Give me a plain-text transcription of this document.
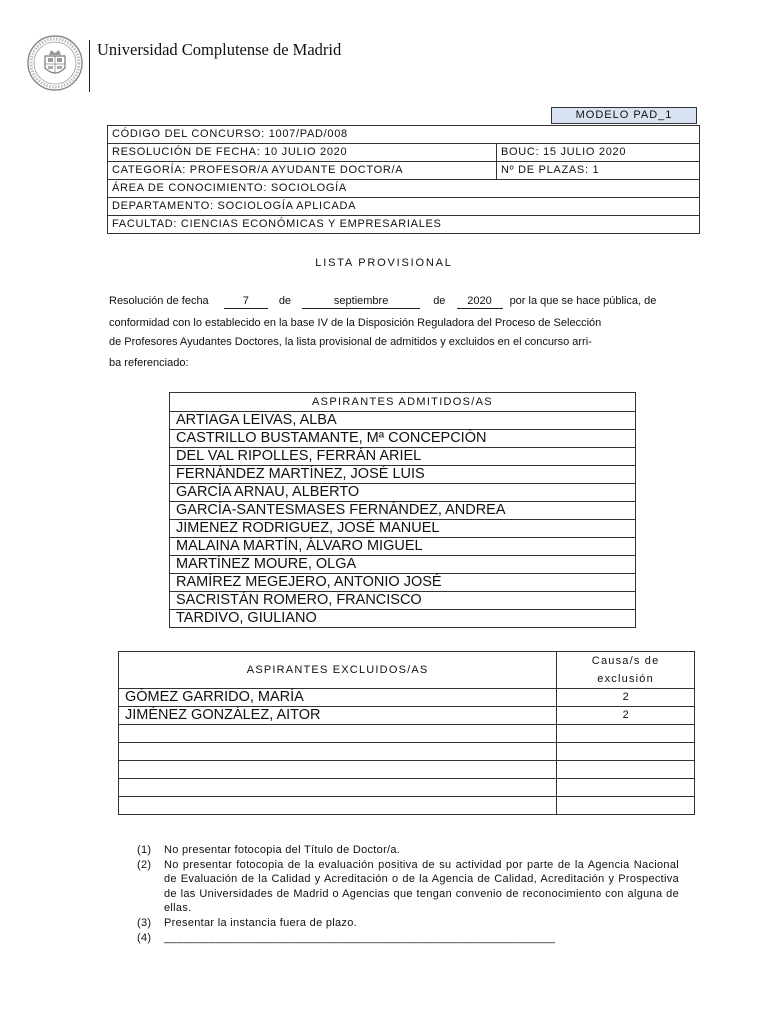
Universidad Complutense de Madrid
MODELO PAD_1
CÓDIGO DEL CONCURSO: 1007/PAD/008	
RESOLUCIÓN DE FECHA: 10 JULIO 2020	BOUC: 15 JULIO 2020
CATEGORÍA: PROFESOR/A AYUDANTE DOCTOR/A	Nº DE PLAZAS: 1
ÁREA DE CONOCIMIENTO: SOCIOLOGÍA	
DEPARTAMENTO: SOCIOLOGÍA APLICADA	
FACULTAD: CIENCIAS ECONÓMICAS Y EMPRESARIALES	
LISTA PROVISIONAL
Resolución de fecha	7	de	septiembre	de 2020 por la que se hace pública, de
conformidad con lo establecido en la base IV de la Disposición Reguladora del Proceso de Selección
de Profesores Ayudantes Doctores, la lista provisional de admitidos y excluidos en el concurso arri-
ba referenciado:
ASPIRANTES ADMITIDOS/AS
ARTIAGA LEIVAS, ALBA
CASTRILLO BUSTAMANTE, Mª CONCEPCIÓN
DEL VAL RIPOLLES, FERRÁN ARIEL
FERNÁNDEZ MARTÍNEZ, JOSÉ LUIS
GARCÍA ARNAU, ALBERTO
GARCÍA-SANTESMASES FERNÁNDEZ, ANDREA
JIMENEZ RODRIGUEZ, JOSÉ MANUEL
MALAINA MARTÍN, ÁLVARO MIGUEL
MARTÍNEZ MOURE, OLGA
RAMÍREZ MEGEJERO, ANTONIO JOSÉ
SACRISTÁN ROMERO, FRANCISCO
TARDIVO, GIULIANO
ASPIRANTES EXCLUIDOS/AS	Causa/s de
exclusión
GÓMEZ GARRIDO, MARÍA	2
JIMÉNEZ GONZÁLEZ, AITOR	2

(1)	No presentar fotocopia del Título de Doctor/a.
(2)	No presentar fotocopia de la evaluación positiva de su actividad por parte de la Agencia Nacional de Evaluación de la Calidad y Acreditación o de la Agencia de Calidad, Acreditación y Prospectiva de las Universidades de Madrid o Agencias que tengan convenio de reconocimiento con alguna de ellas.
(3)	Presentar la instancia fuera de plazo.
(4)	_____________________________________________________________
